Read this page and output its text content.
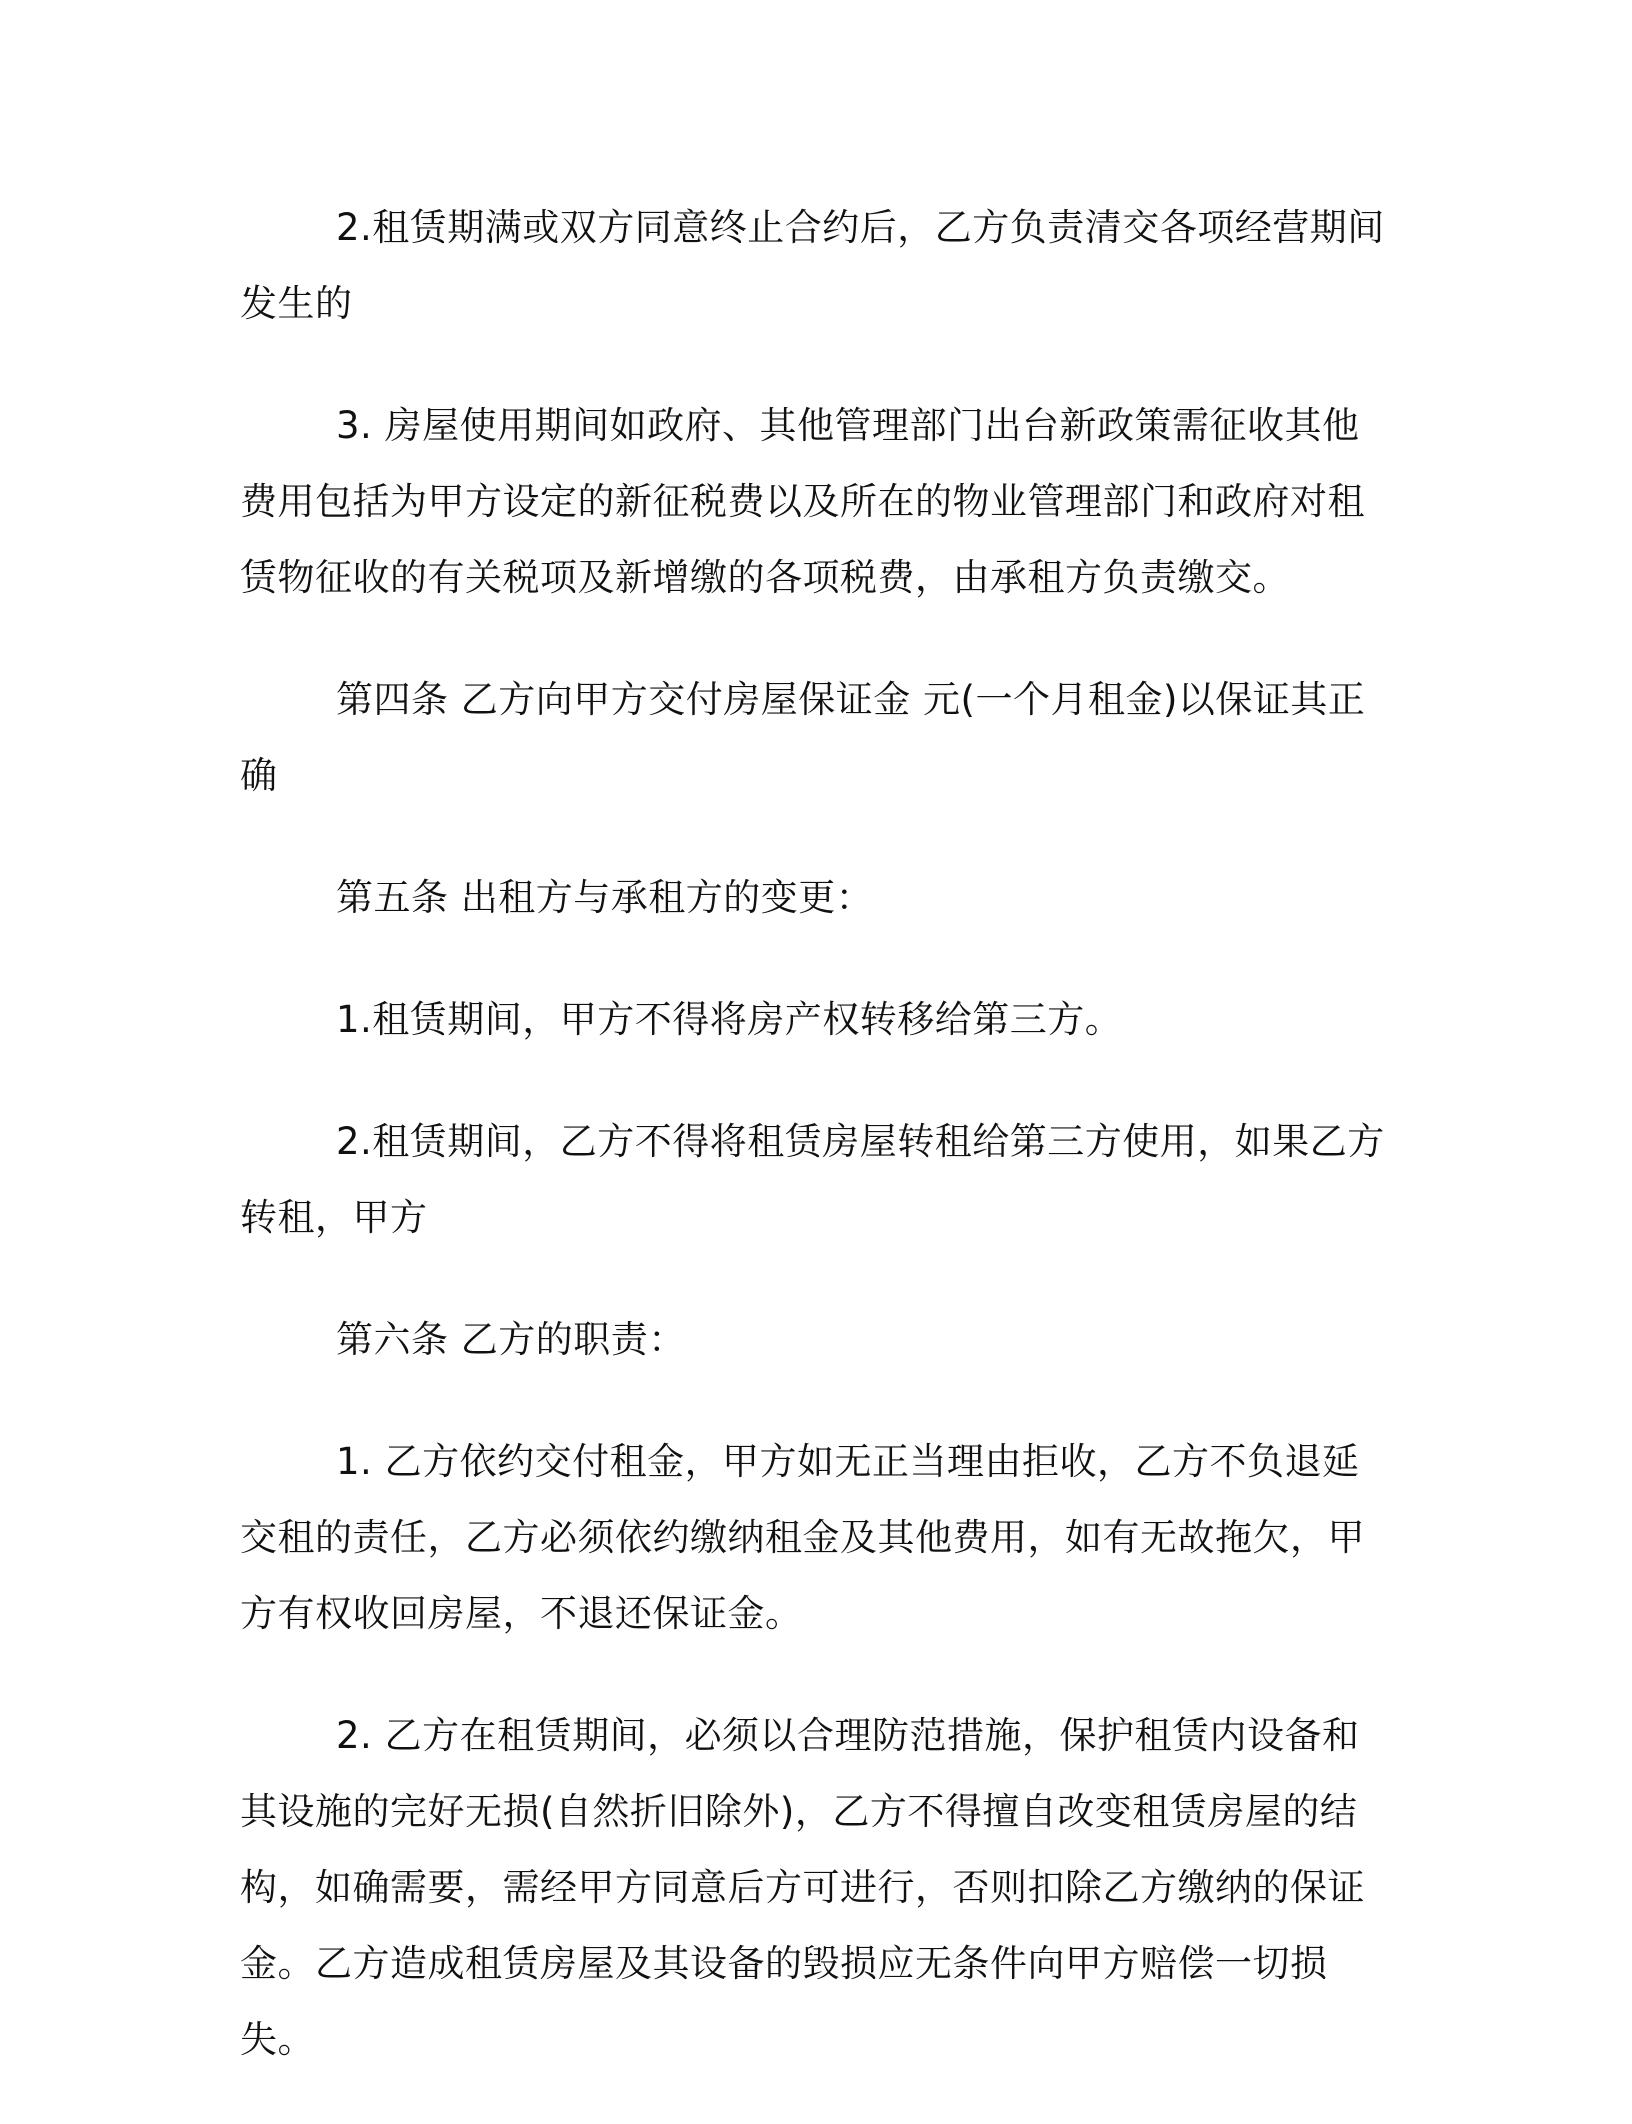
2.租赁期满或双方同意终止合约后，乙方负责清交各项经营期间发生的

3. 房屋使用期间如政府、其他管理部门出台新政策需征收其他费用包括为甲方设定的新征税费以及所在的物业管理部门和政府对租赁物征收的有关税项及新增缴的各项税费，由承租方负责缴交。

第四条 乙方向甲方交付房屋保证金 元(一个月租金)以保证其正确

第五条 出租方与承租方的变更：

1.租赁期间，甲方不得将房产权转移给第三方。

2.租赁期间，乙方不得将租赁房屋转租给第三方使用，如果乙方转租，甲方

第六条 乙方的职责：

1. 乙方依约交付租金，甲方如无正当理由拒收，乙方不负退延交租的责任，乙方必须依约缴纳租金及其他费用，如有无故拖欠，甲方有权收回房屋，不退还保证金。

2. 乙方在租赁期间，必须以合理防范措施，保护租赁内设备和其设施的完好无损(自然折旧除外)，乙方不得擅自改变租赁房屋的结构，如确需要，需经甲方同意后方可进行，否则扣除乙方缴纳的保证金。乙方造成租赁房屋及其设备的毁损应无条件向甲方赔偿一切损失。
